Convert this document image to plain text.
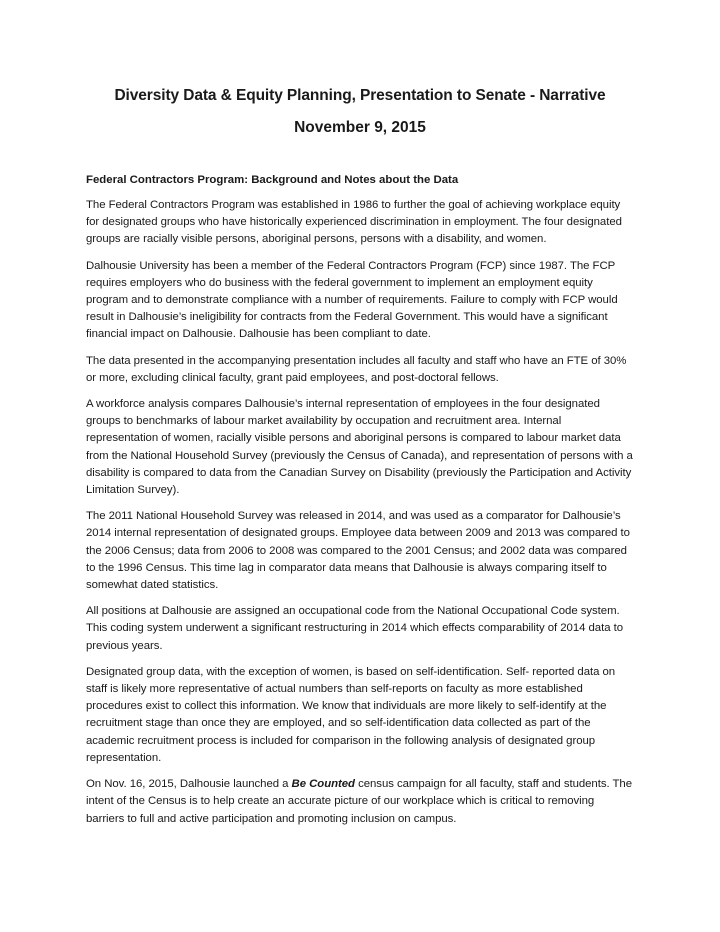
Diversity Data & Equity Planning, Presentation to Senate - Narrative

November 9, 2015

Federal Contractors Program: Background and Notes about the Data

The Federal Contractors Program was established in 1986 to further the goal of achieving workplace equity for designated groups who have historically experienced discrimination in employment. The four designated groups are racially visible persons, aboriginal persons, persons with a disability, and women.

Dalhousie University has been a member of the Federal Contractors Program (FCP) since 1987. The FCP requires employers who do business with the federal government to implement an employment equity program and to demonstrate compliance with a number of requirements. Failure to comply with FCP would result in Dalhousie’s ineligibility for contracts from the Federal Government. This would have a significant financial impact on Dalhousie. Dalhousie has been compliant to date.

The data presented in the accompanying presentation includes all faculty and staff who have an FTE of 30% or more, excluding clinical faculty, grant paid employees, and post-doctoral fellows.

A workforce analysis compares Dalhousie’s internal representation of employees in the four designated groups to benchmarks of labour market availability by occupation and recruitment area. Internal representation of women, racially visible persons and aboriginal persons is compared to labour market data from the National Household Survey (previously the Census of Canada), and representation of persons with a disability is compared to data from the Canadian Survey on Disability (previously the Participation and Activity Limitation Survey).

The 2011 National Household Survey was released in 2014, and was used as a comparator for Dalhousie’s 2014 internal representation of designated groups. Employee data between 2009 and 2013 was compared to the 2006 Census; data from 2006 to 2008 was compared to the 2001 Census; and 2002 data was compared to the 1996 Census. This time lag in comparator data means that Dalhousie is always comparing itself to somewhat dated statistics.

All positions at Dalhousie are assigned an occupational code from the National Occupational Code system. This coding system underwent a significant restructuring in 2014 which effects comparability of 2014 data to previous years.

Designated group data, with the exception of women, is based on self-identification. Self- reported data on staff is likely more representative of actual numbers than self-reports on faculty as more established procedures exist to collect this information. We know that individuals are more likely to self-identify at the recruitment stage than once they are employed, and so self-identification data collected as part of the academic recruitment process is included for comparison in the following analysis of designated group representation.

On Nov. 16, 2015, Dalhousie launched a Be Counted census campaign for all faculty, staff and students. The intent of the Census is to help create an accurate picture of our workplace which is critical to removing barriers to full and active participation and promoting inclusion on campus.
